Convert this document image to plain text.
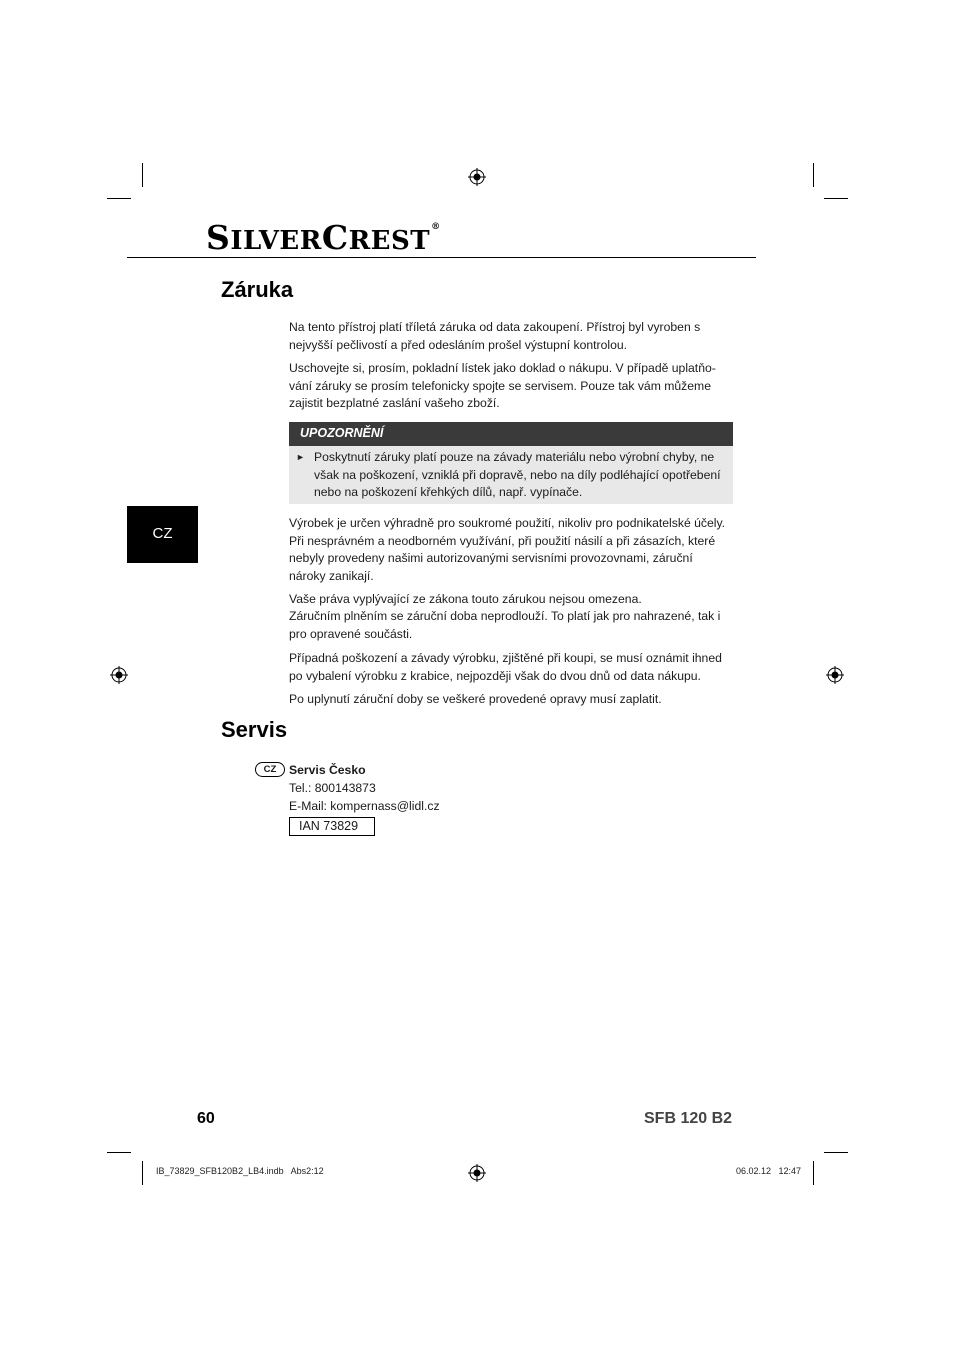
SILVERCREST®
Záruka

Na tento přístroj platí tříletá záruka od data zakoupení. Přístroj byl vyroben s nejvyšší pečlivostí a před odesláním prošel výstupní kontrolou.

Uschovejte si, prosím, pokladní lístek jako doklad o nákupu. V případě uplatňo-vání záruky se prosím telefonicky spojte se servisem. Pouze tak vám můžeme zajistit bezplatné zaslání vašeho zboží.

UPOZORNĚNÍ
► Poskytnutí záruky platí pouze na závady materiálu nebo výrobní chyby, ne však na poškození, vzniklá při dopravě, nebo na díly podléhající opotřebení nebo na poškození křehkých dílů, např. vypínače.
CZ

Výrobek je určen výhradně pro soukromé použití, nikoliv pro podnikatelské účely. Při nesprávném a neodborném využívání, při použití násilí a při zásazích, které nebyly provedeny našimi autorizovanými servisními provozovnami, záruční nároky zanikají.

Vaše práva vyplývající ze zákona touto zárukou nejsou omezena.

Záručním plněním se záruční doba neprodlouží. To platí jak pro nahrazené, tak i pro opravené součásti.

Případná poškození a závady výrobku, zjištěné při koupi, se musí oznámit ihned po vybalení výrobku z krabice, nejpozději však do dvou dnů od data nákupu.

Po uplynutí záruční doby se veškeré provedené opravy musí zaplatit.

Servis
CZ	Servis Česko
Tel.: 800143873
E-Mail: kompernass@lidl.cz
IAN 73829
60	SFB 120 B2
IB_73829_SFB120B2_LB4.indb   Abs2:12	06.02.12   12:47
